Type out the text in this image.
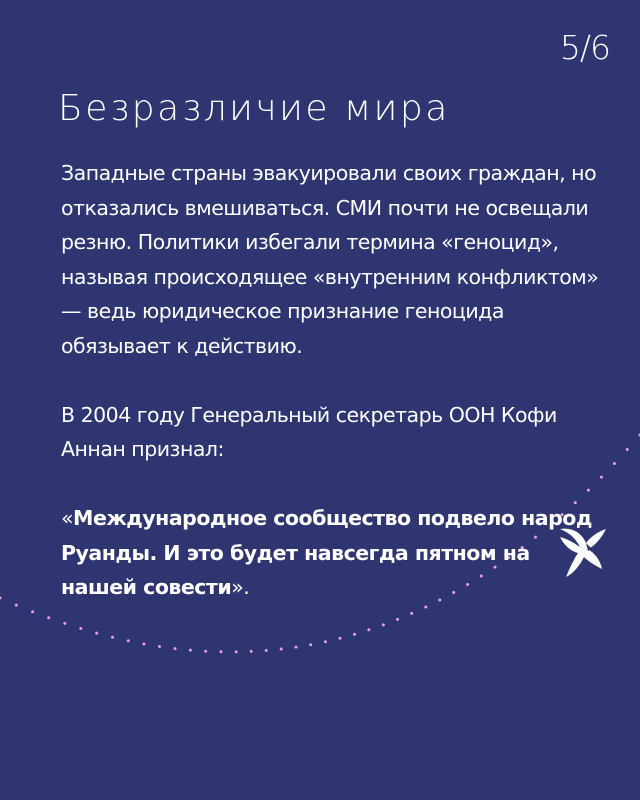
5/6
Безразличие мира

Западные страны эвакуировали своих граждан, но отказались вмешиваться. СМИ почти не освещали резню. Политики избегали термина «геноцид», называя происходящее «внутренним конфликтом» — ведь юридическое признание геноцида обязывает к действию.

В 2004 году Генеральный секретарь ООН Кофи Аннан признал:

«Международное сообщество подвело народ Руанды. И это будет навсегда пятном на нашей совести».
